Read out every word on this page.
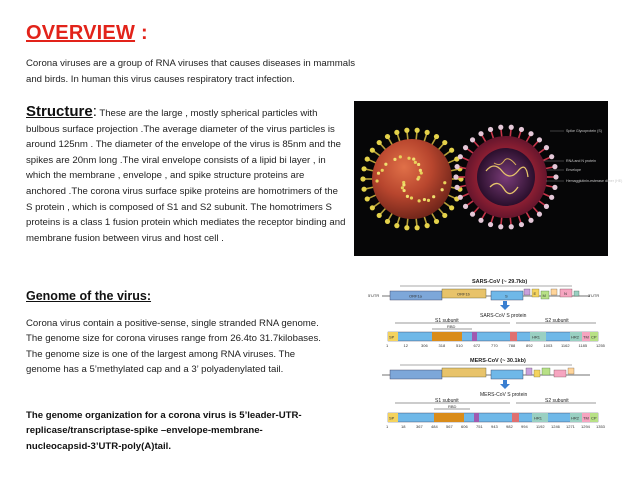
OVERVIEW :

Corona viruses are a group of RNA viruses that causes diseases in mammals and birds. In human this virus causes respiratory tract infection.

Structure: These are the large , mostly spherical particles with bulbous surface projection .The average diameter of the virus particles is around 125nm . The diameter of the envelope of the virus is 85nm and the spikes are 20nm long .The viral envelope consists of a lipid bi layer , in which the membrane , envelope , and spike structure proteins are anchored .The corona virus surface spike proteins are homotrimers of the S protein , which is composed of S1 and S2 subunit. The homotrimers S proteins is a class 1 fusion protein which mediates the receptor binding and membrane fusion between virus and host cell .

Genome of the virus:

Corona virus contain a positive-sense, single stranded RNA genome. The genome size for corona viruses range from 26.4to 31.7kilobases. The genome size is one of the largest among RNA viruses. The genome has a 5’methylated cap and a 3’ polyadenylated tail.

The genome organization for a corona virus is 5’leader-UTR-replicase/transcriptase-spike –envelope-membrane-nucleocapsid-3’UTR-poly(A)tail.

Spike Glycoprotein (S)
RNA and N protein
Envelope
Hemagglutinin-esterase dimer (HE)
SARS-CoV (~ 29.7kb)
5'UTR	ORF1a	ORF1b	S	E M	N	3'UTR
SARS-CoV S protein
S1 subunit	S2 subunit
RBD
SP	HR1	HR2 TM CP
1	12	306	318	510	672	770	788	892	1003 1162 1185 1255
MERS-CoV (~ 30.1kb)
MERS-CoV S protein
S1 subunit	S2 subunit
RBD
SP	HR1	HR2 TM CP
1	18	367 484 567 606 751 943 982 994 1192 1246 1271 1294 1353
